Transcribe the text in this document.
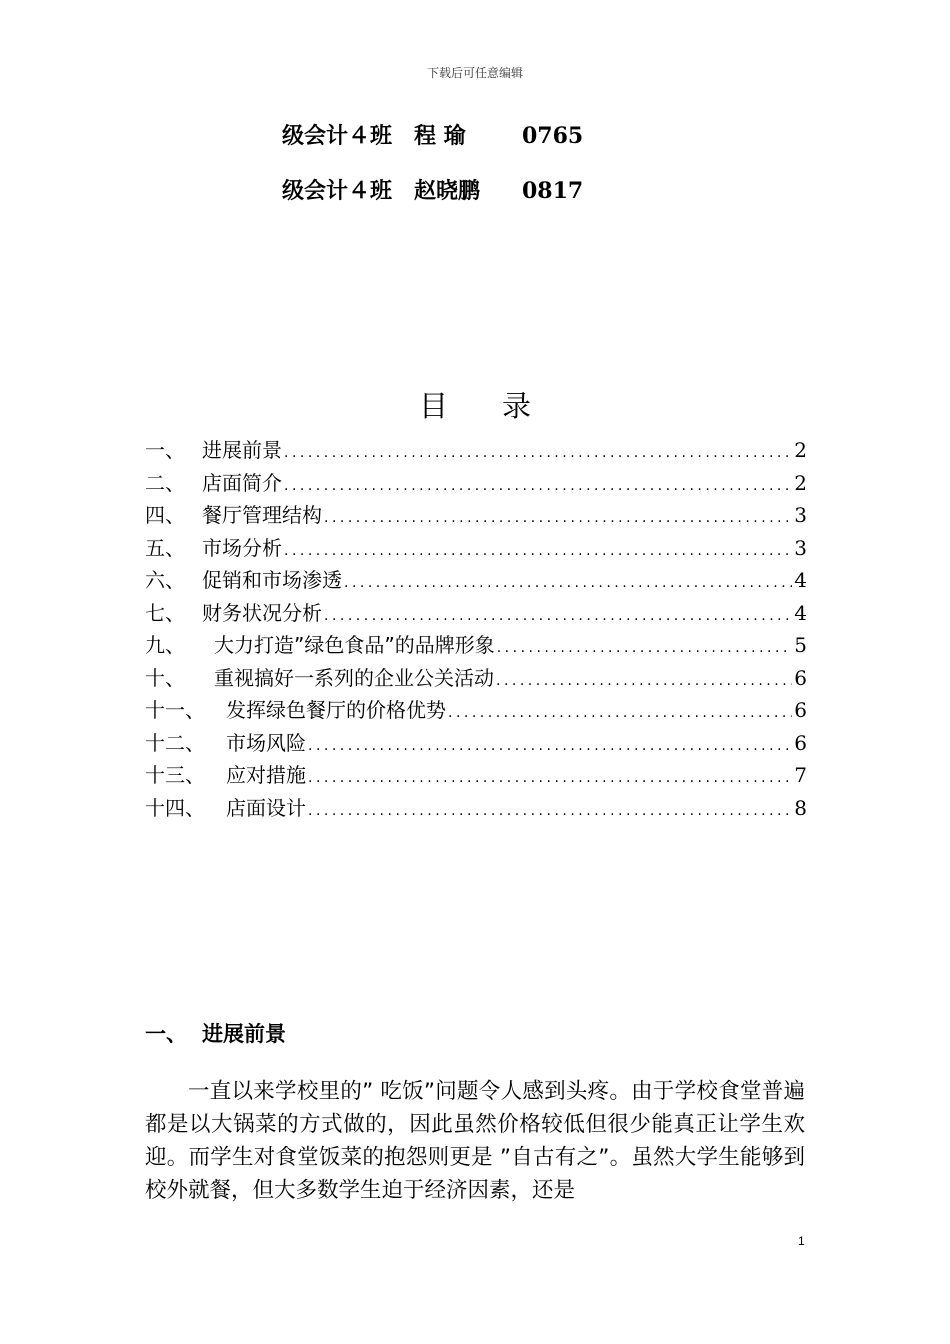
下载后可任意编辑
级会计４班 程 瑜	0765
级会计４班 赵晓鹏 0817
目录
一、 进展前景 .....	2
二、 店面简介 .....	2
四、 餐厅管理结构 .....	3
五、 市场分析 .....	3
六、 促销和市场渗透 .....	4
七、 财务状况分析 .....	4
九、	大力打造”绿色食品”的品牌形象 .....	5
十、	重视搞好一系列的企业公关活动 .....	6
十一、	发挥绿色餐厅的价格优势 .....	6
十二、	市场风险 .....	6
十三、	应对措施 .....	7
十四、	店面设计 .....	8
一、 进展前景

一直以来学校里的” 吃饭”问题令人感到头疼。由于学校食堂普遍都是以大锅菜的方式做的，因此虽然价格较低但很少能真正让学生欢迎。而学生对食堂饭菜的抱怨则更是 ”自古有之”。虽然大学生能够到校外就餐，但大多数学生迫于经济因素，还是

1
